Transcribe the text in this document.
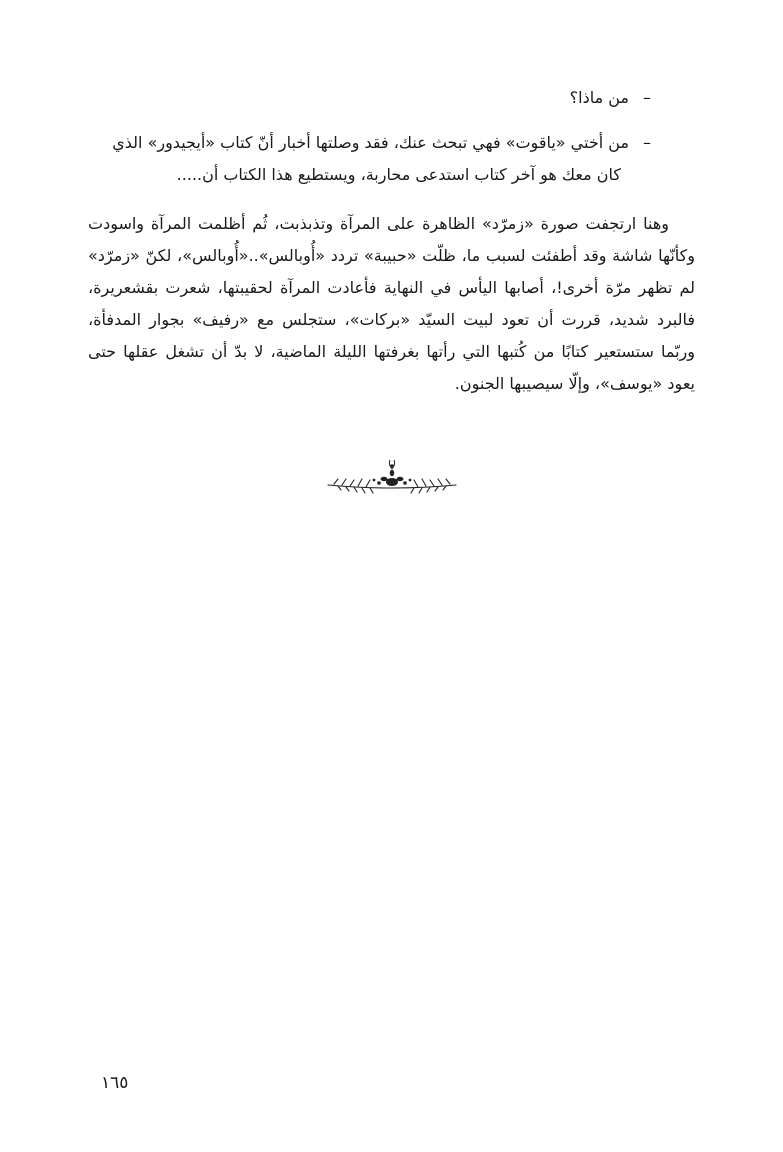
–من ماذا؟
–من أختي «ياقوت» فهي تبحث عنك، فقد وصلتها أخبار أنّ كتاب «أيجيدور» الذي
كان معك هو آخر كتاب استدعى محاربة، ويستطيع هذا الكتاب أن.....

وهنا ارتجفت صورة «زمرّد» الظاهرة على المرآة وتذبذبت، ثُم أظلمت المرآة واسودت وكأنّها شاشة وقد أطفئت لسبب ما، ظلّت «حبيبة» تردد «أُوبالس»..«أُوبالس»، لكنّ «زمرّد» لم تظهر مرّة أخرى!، أصابها اليأس في النهاية فأعادت المرآة لحقيبتها، شعرت بقشعريرة، فالبرد شديد، قررت أن تعود لبيت السيّد «بركات»، ستجلس مع «رفيف» بجوار المدفأة، وربّما ستستعير كتابًا من كُتبها التي رأتها بغرفتها الليلة الماضية، لا بدّ أن تشغل عقلها حتى يعود «يوسف»، وإلّا سيصيبها الجنون.

١٦٥
